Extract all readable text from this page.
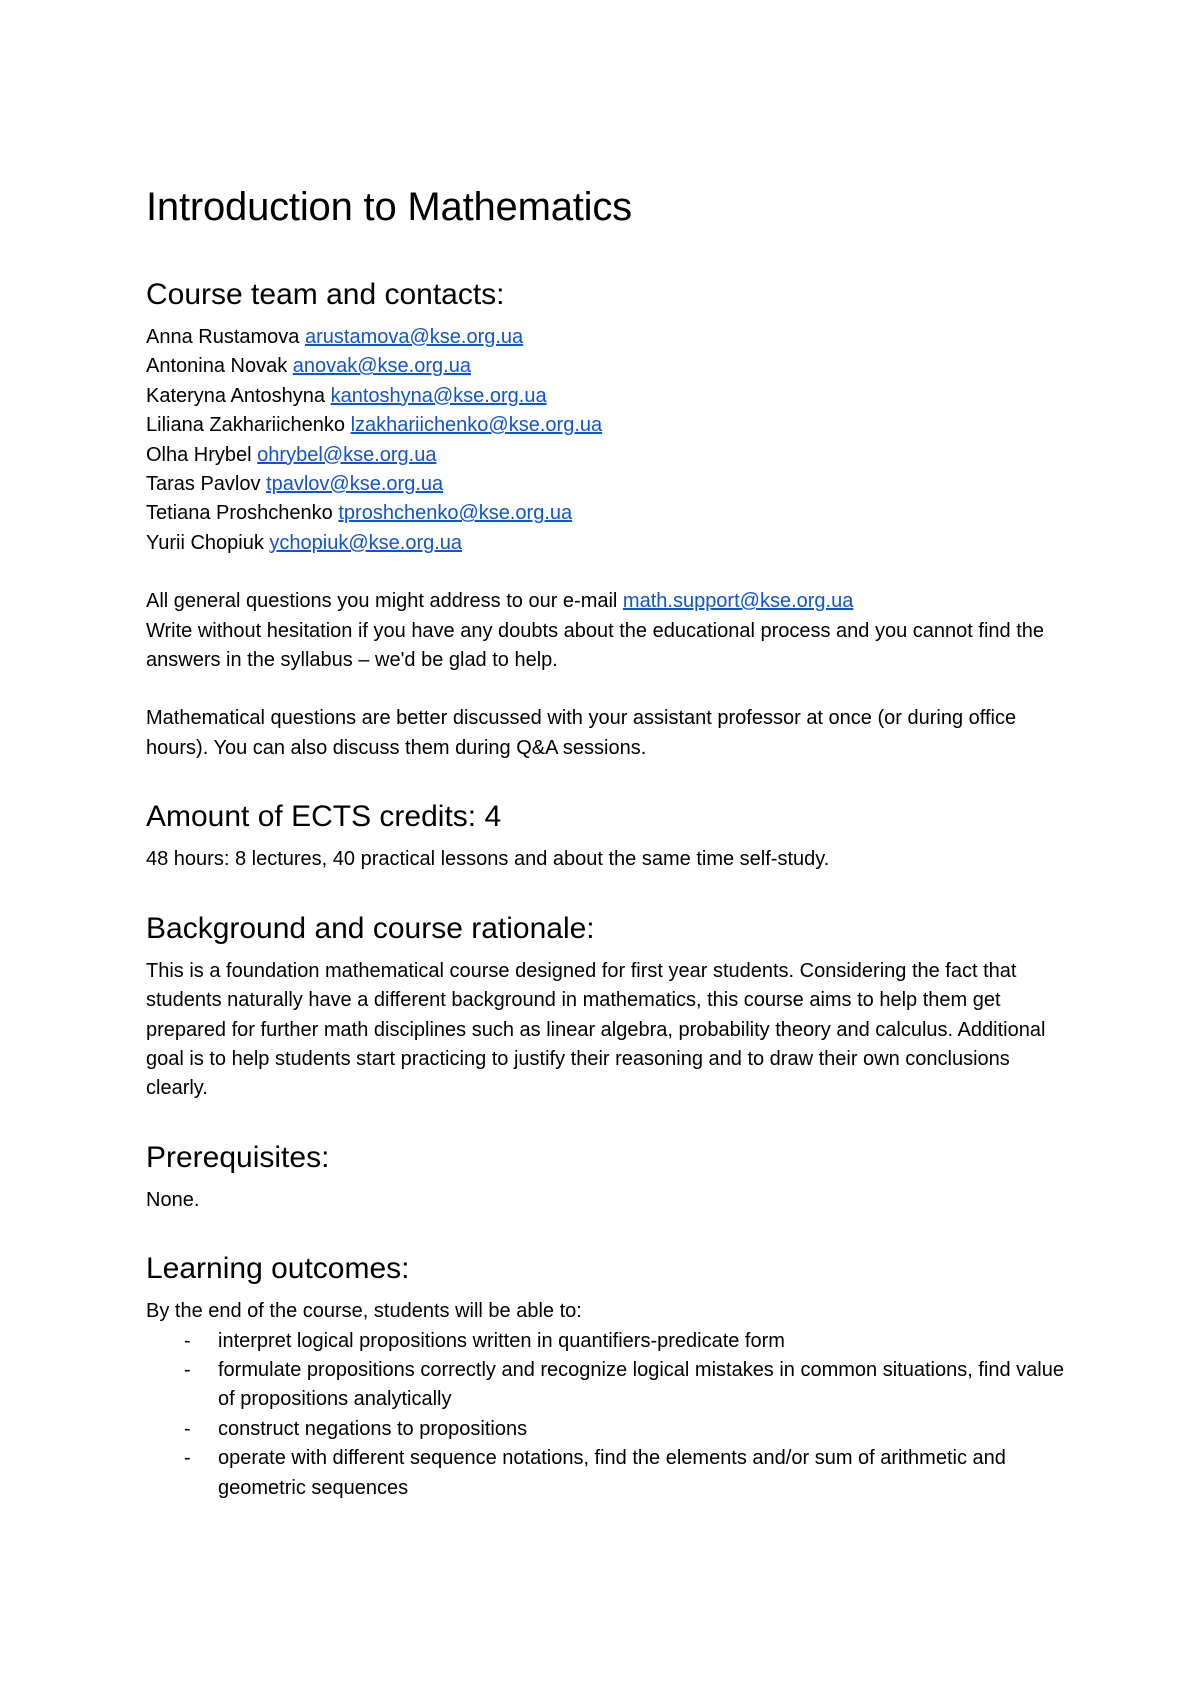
Introduction to Mathematics
Course team and contacts:
Anna Rustamova arustamova@kse.org.ua
Antonina Novak anovak@kse.org.ua
Kateryna Antoshyna kantoshyna@kse.org.ua
Liliana Zakhariichenko lzakhariichenko@kse.org.ua
Olha Hrybel ohrybel@kse.org.ua
Taras Pavlov tpavlov@kse.org.ua
Tetiana Proshchenko tproshchenko@kse.org.ua
Yurii Chopiuk ychopiuk@kse.org.ua

All general questions you might address to our e-mail math.support@kse.org.ua
Write without hesitation if you have any doubts about the educational process and you cannot find the answers in the syllabus – we'd be glad to help.

Mathematical questions are better discussed with your assistant professor at once (or during office hours). You can also discuss them during Q&A sessions.

Amount of ECTS credits: 4

48 hours: 8 lectures, 40 practical lessons and about the same time self-study.

Background and course rationale:

This is a foundation mathematical course designed for first year students. Considering the fact that students naturally have a different background in mathematics, this course aims to help them get prepared for further math disciplines such as linear algebra, probability theory and calculus. Additional goal is to help students start practicing to justify their reasoning and to draw their own conclusions clearly.

Prerequisites:

None.

Learning outcomes:

By the end of the course, students will be able to:

- interpret logical propositions written in quantifiers-predicate form
- formulate propositions correctly and recognize logical mistakes in common situations, find value of propositions analytically
- construct negations to propositions
- operate with different sequence notations, find the elements and/or sum of arithmetic and geometric sequences
